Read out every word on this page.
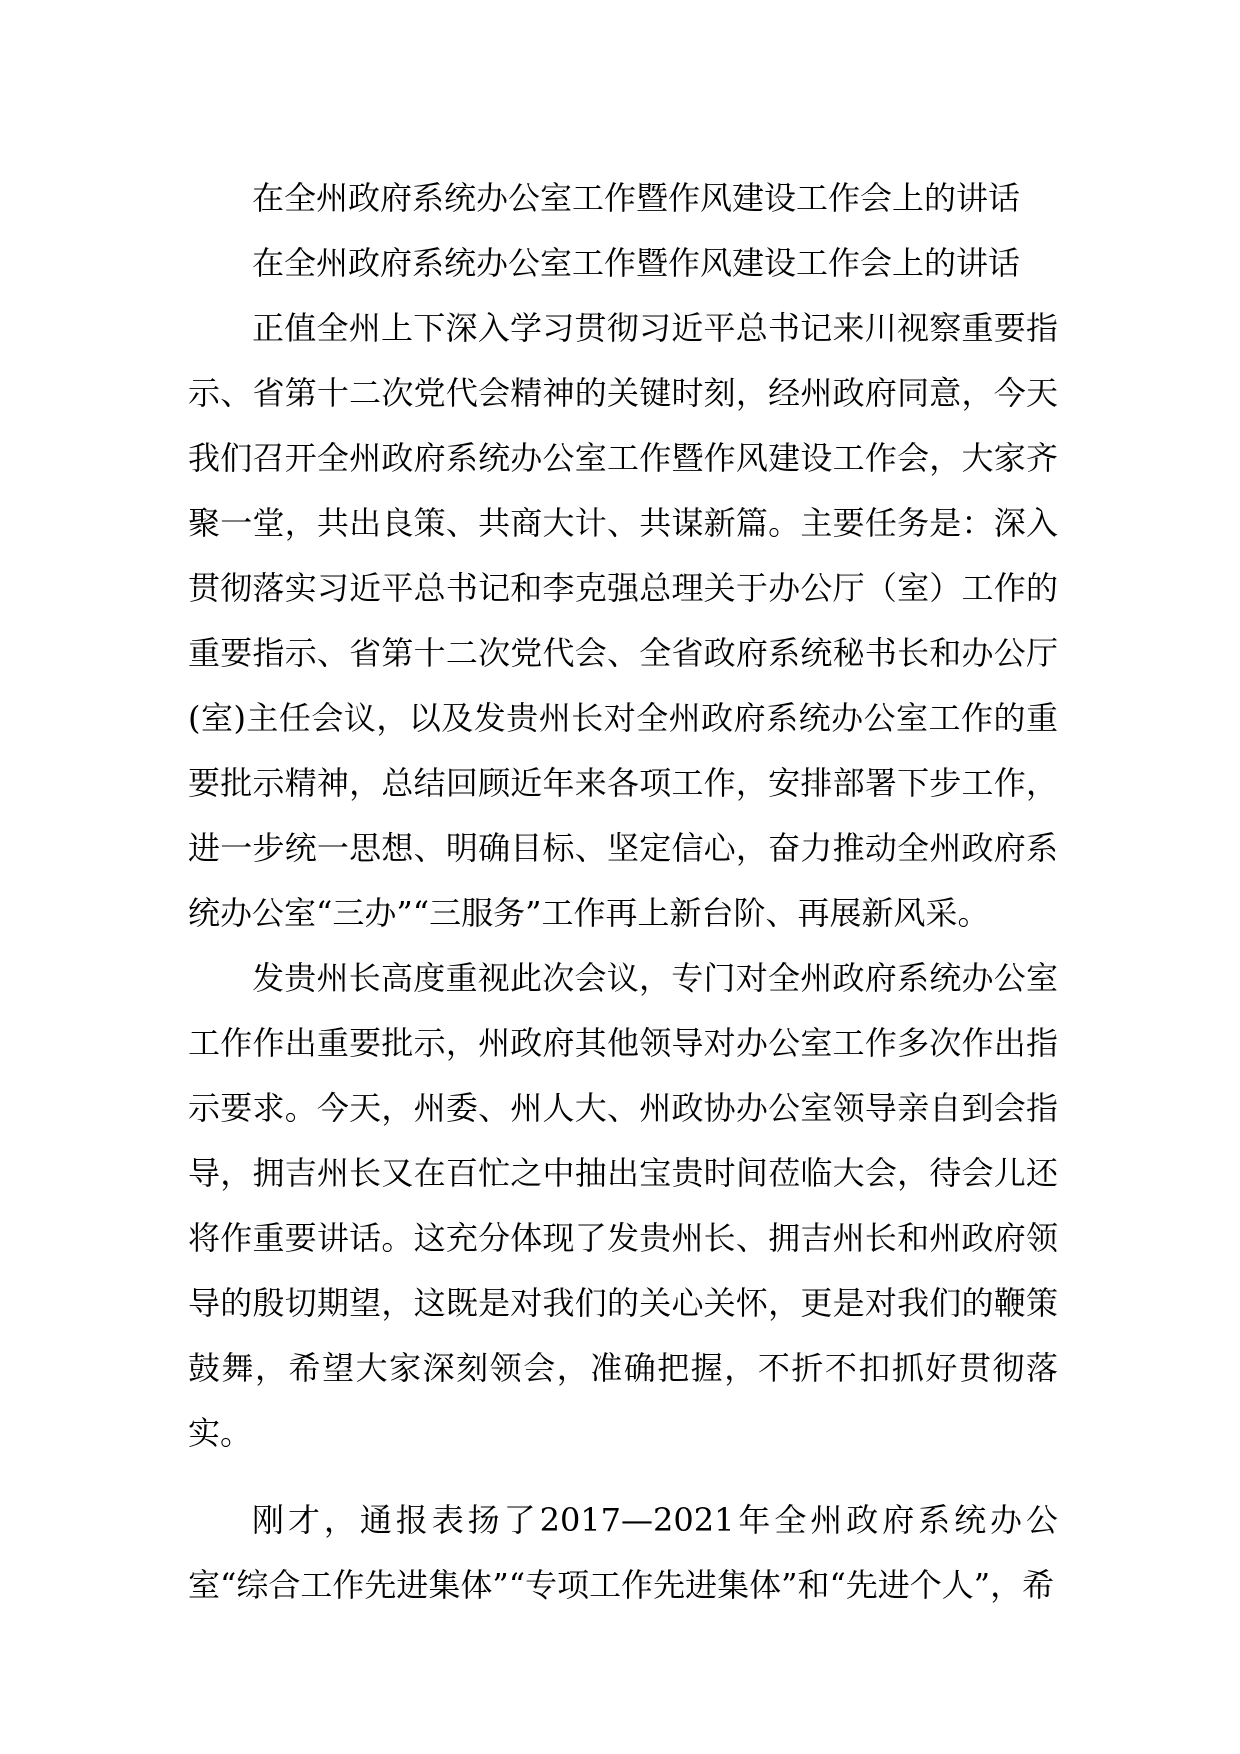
在全州政府系统办公室工作暨作风建设工作会上的讲话

在全州政府系统办公室工作暨作风建设工作会上的讲话

正值全州上下深入学习贯彻习近平总书记来川视察重要指示、省第十二次党代会精神的关键时刻，经州政府同意，今天我们召开全州政府系统办公室工作暨作风建设工作会，大家齐聚一堂，共出良策、共商大计、共谋新篇。主要任务是：深入贯彻落实习近平总书记和李克强总理关于办公厅（室）工作的重要指示、省第十二次党代会、全省政府系统秘书长和办公厅(室)主任会议，以及发贵州长对全州政府系统办公室工作的重要批示精神，总结回顾近年来各项工作，安排部署下步工作，进一步统一思想、明确目标、坚定信心，奋力推动全州政府系统办公室“三办”“三服务”工作再上新台阶、再展新风采。

发贵州长高度重视此次会议，专门对全州政府系统办公室工作作出重要批示，州政府其他领导对办公室工作多次作出指示要求。今天，州委、州人大、州政协办公室领导亲自到会指导，拥吉州长又在百忙之中抽出宝贵时间莅临大会，待会儿还将作重要讲话。这充分体现了发贵州长、拥吉州长和州政府领导的殷切期望，这既是对我们的关心关怀，更是对我们的鞭策鼓舞，希望大家深刻领会，准确把握，不折不扣抓好贯彻落实。

刚才，通报表扬了2017—2021年全州政府系统办公室“综合工作先进集体”“专项工作先进集体”和“先进个人”，希
